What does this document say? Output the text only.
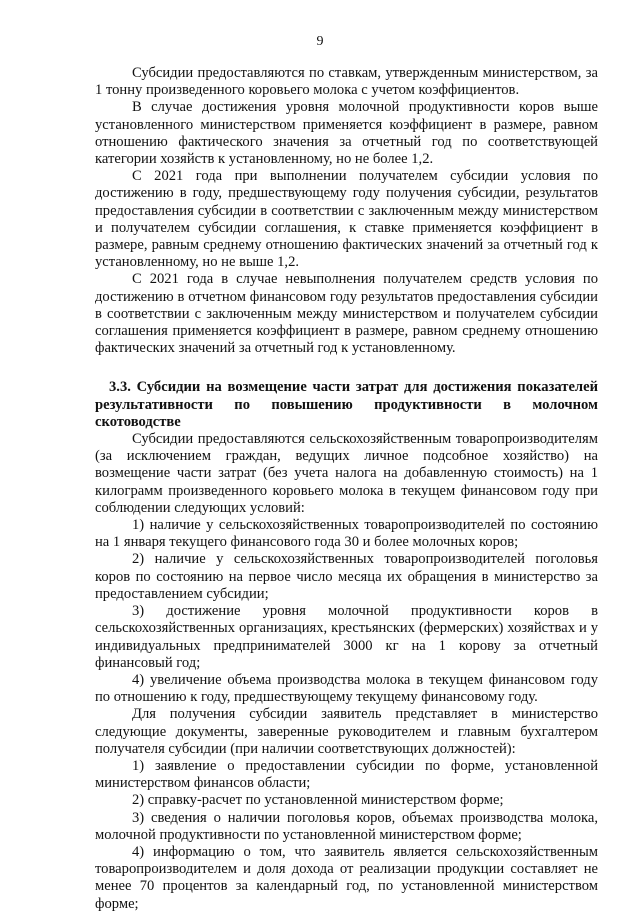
9

Субсидии предоставляются по ставкам, утвержденным министерством, за 1 тонну произведенного коровьего молока с учетом коэффициентов.

В случае достижения уровня молочной продуктивности коров выше установленного министерством применяется коэффициент в размере, равном отношению фактического значения за отчетный год по соответствующей категории хозяйств к установленному, но не более 1,2.

С 2021 года при выполнении получателем субсидии условия по достижению в году, предшествующему году получения субсидии, результатов предоставления субсидии в соответствии с заключенным между министерством и получателем субсидии соглашения, к ставке применяется коэффициент в размере, равным среднему отношению фактических значений за отчетный год к установленному, но не выше 1,2.

С 2021 года в случае невыполнения получателем средств условия по достижению в отчетном финансовом году результатов предоставления субсидии в соответствии с заключенным между министерством и получателем субсидии соглашения применяется коэффициент в размере, равном среднему отношению фактических значений за отчетный год к установленному.

3.3. Субсидии на возмещение части затрат для достижения показателей результативности по повышению продуктивности в молочном скотоводстве

Субсидии предоставляются сельскохозяйственным товаропроизводителям (за исключением граждан, ведущих личное подсобное хозяйство) на возмещение части затрат (без учета налога на добавленную стоимость) на 1 килограмм произведенного коровьего молока в текущем финансовом году при соблюдении следующих условий:

1) наличие у сельскохозяйственных товаропроизводителей по состоянию на 1 января текущего финансового года 30 и более молочных коров;

2) наличие у сельскохозяйственных товаропроизводителей поголовья коров по состоянию на первое число месяца их обращения в министерство за предоставлением субсидии;

3) достижение уровня молочной продуктивности коров в сельскохозяйственных организациях, крестьянских (фермерских) хозяйствах и у индивидуальных предпринимателей 3000 кг на 1 корову за отчетный финансовый год;

4) увеличение объема производства молока в текущем финансовом году по отношению к году, предшествующему текущему финансовому году.

Для получения субсидии заявитель представляет в министерство следующие документы, заверенные руководителем и главным бухгалтером получателя субсидии (при наличии соответствующих должностей):

1) заявление о предоставлении субсидии по форме, установленной министерством финансов области;

2) справку-расчет по установленной министерством форме;

3) сведения о наличии поголовья коров, объемах производства молока, молочной продуктивности по установленной министерством форме;

4) информацию о том, что заявитель является сельскохозяйственным товаропроизводителем и доля дохода от реализации продукции составляет не менее 70 процентов за календарный год, по установленной министерством форме;
